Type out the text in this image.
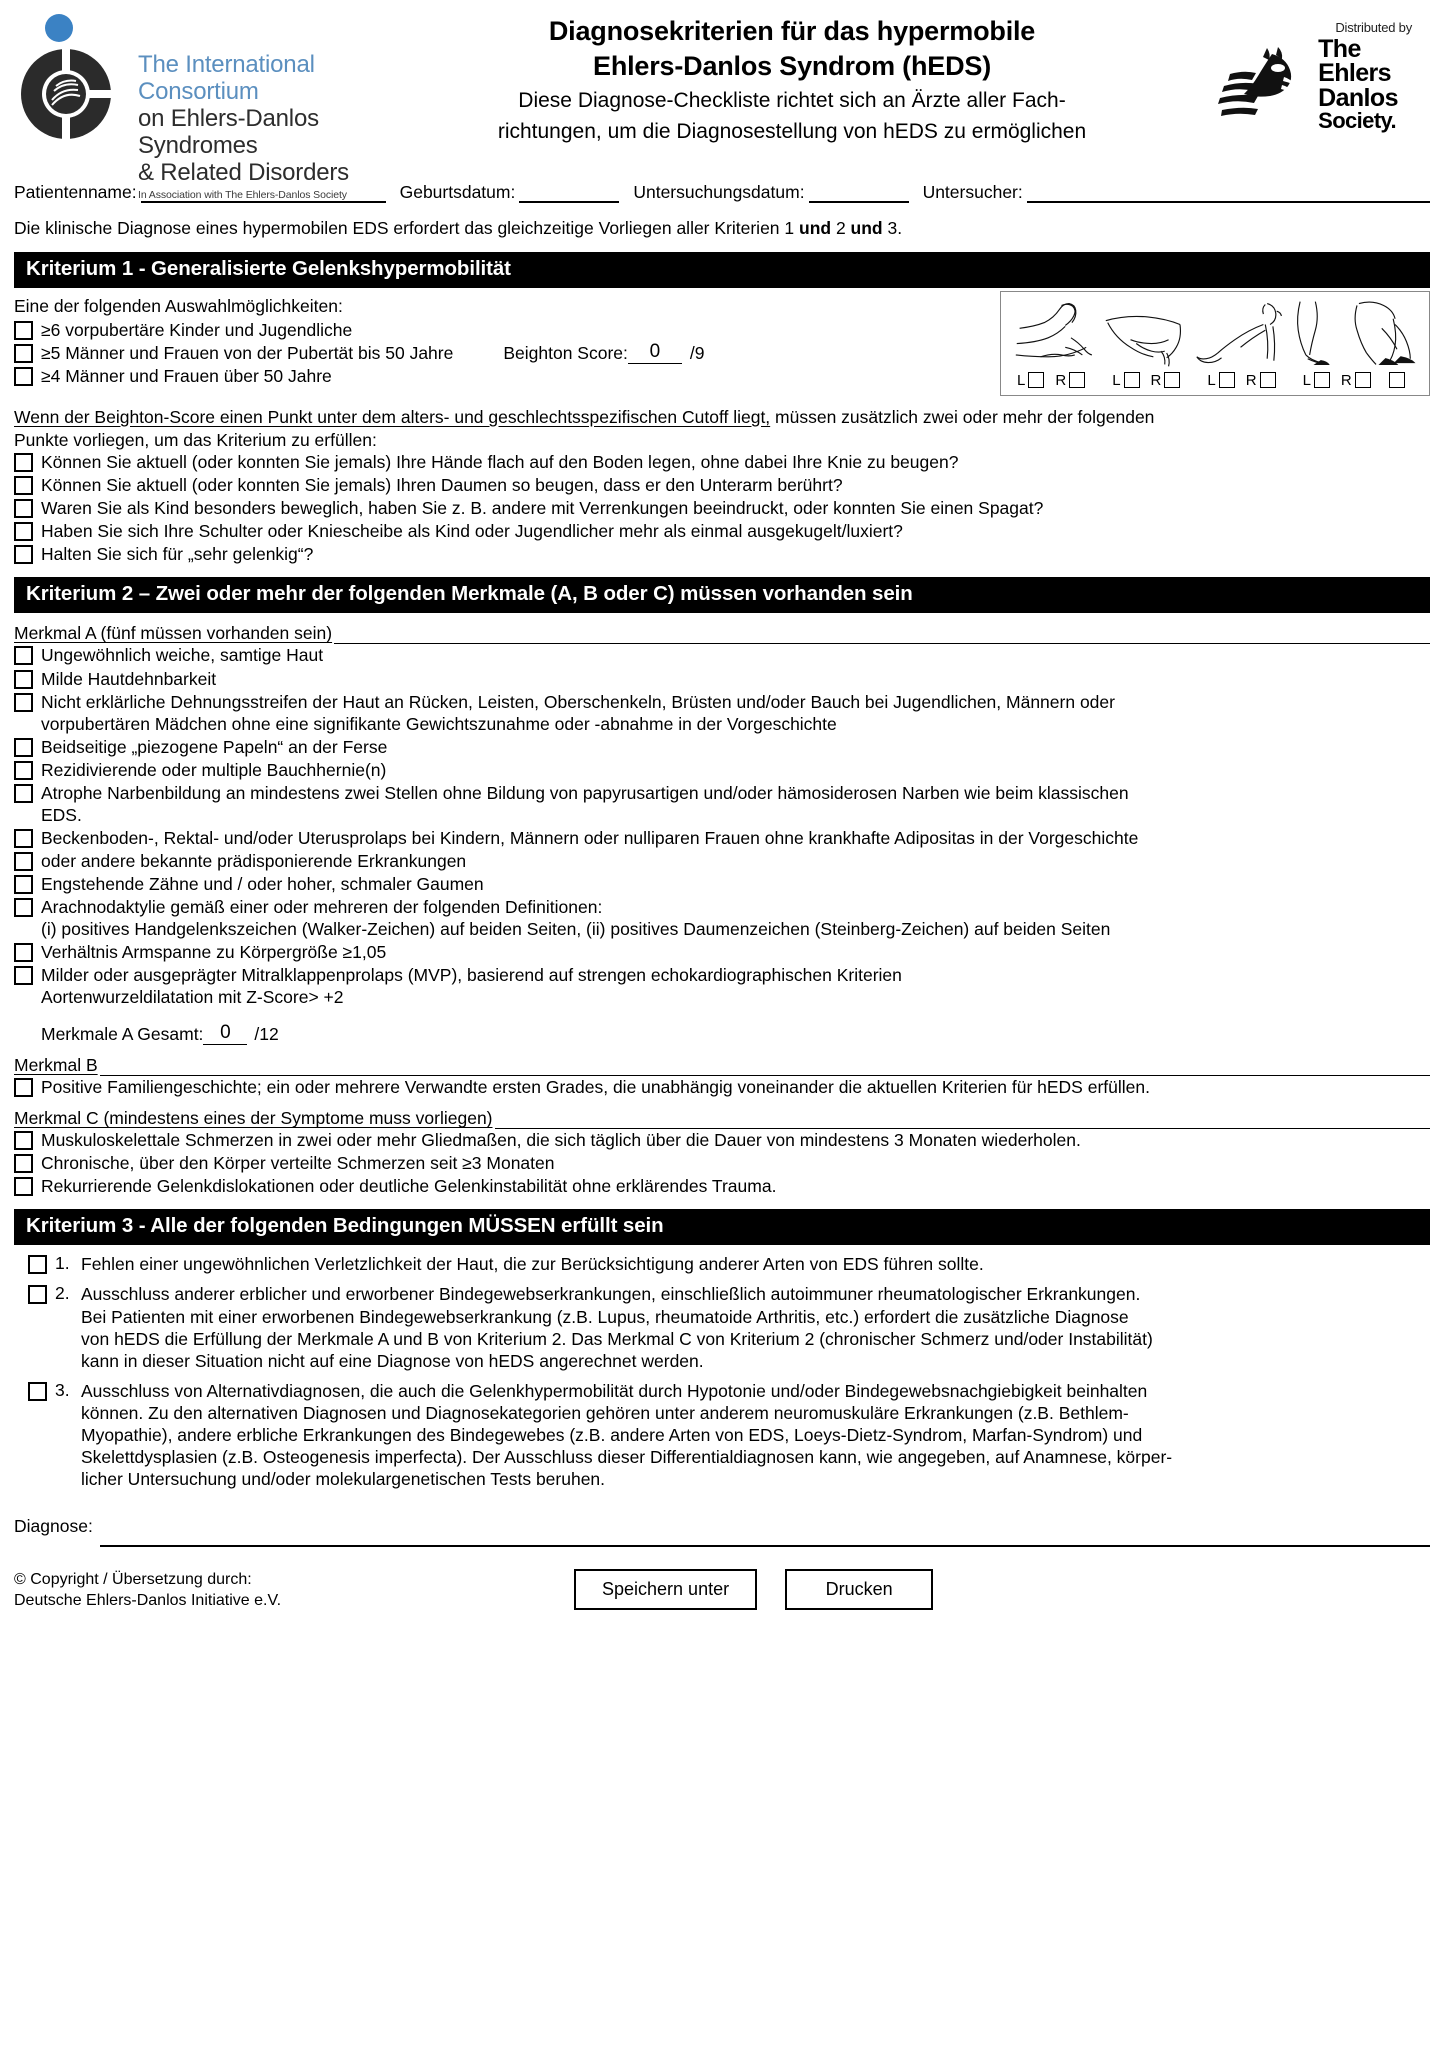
The International Consortium
on Ehlers-Danlos Syndromes
& Related Disorders
In Association with The Ehlers-Danlos Society
Diagnosekriterien für das hypermobile
Ehlers-Danlos Syndrom (hEDS)
Diese Diagnose-Checkliste richtet sich an Ärzte aller Fach-
richtungen, um die Diagnosestellung von hEDS zu ermöglichen
Distributed by
The
Ehlers
Danlos
Society.
Patientenname:	Geburtsdatum:	Untersuchungsdatum:	Untersucher:
Die klinische Diagnose eines hypermobilen EDS erfordert das gleichzeitige Vorliegen aller Kriterien 1 und 2 und 3.
Kriterium 1 - Generalisierte Gelenkshypermobilität
Eine der folgenden Auswahlmöglichkeiten:
≥6 vorpubertäre Kinder und Jugendliche
≥5 Männer und Frauen von der Pubertät bis 50 Jahre	Beighton Score:	0	/9
≥4 Männer und Frauen über 50 Jahre	L R	L R	L R	L R
Wenn der Beighton-Score einen Punkt unter dem alters- und geschlechtsspezifischen Cutoff liegt, müssen zusätzlich zwei oder mehr der folgenden
Punkte vorliegen, um das Kriterium zu erfüllen:
Können Sie aktuell (oder konnten Sie jemals) Ihre Hände flach auf den Boden legen, ohne dabei Ihre Knie zu beugen?
Können Sie aktuell (oder konnten Sie jemals) Ihren Daumen so beugen, dass er den Unterarm berührt?
Waren Sie als Kind besonders beweglich, haben Sie z. B. andere mit Verrenkungen beeindruckt, oder konnten Sie einen Spagat?
Haben Sie sich Ihre Schulter oder Kniescheibe als Kind oder Jugendlicher mehr als einmal ausgekugelt/luxiert?
Halten Sie sich für „sehr gelenkig“?
Kriterium 2 – Zwei oder mehr der folgenden Merkmale (A, B oder C) müssen vorhanden sein
Merkmal A (fünf müssen vorhanden sein)
Ungewöhnlich weiche, samtige Haut
Milde Hautdehnbarkeit
Nicht erklärliche Dehnungsstreifen der Haut an Rücken, Leisten, Oberschenkeln, Brüsten und/oder Bauch bei Jugendlichen, Männern oder
vorpubertären Mädchen ohne eine signifikante Gewichtszunahme oder -abnahme in der Vorgeschichte
Beidseitige „piezogene Papeln“ an der Ferse
Rezidivierende oder multiple Bauchhernie(n)
Atrophe Narbenbildung an mindestens zwei Stellen ohne Bildung von papyrusartigen und/oder hämosiderosen Narben wie beim klassischen
EDS.
Beckenboden-, Rektal- und/oder Uterusprolaps bei Kindern, Männern oder nulliparen Frauen ohne krankhafte Adipositas in der Vorgeschichte
oder andere bekannte prädisponierende Erkrankungen
Engstehende Zähne und / oder hoher, schmaler Gaumen
Arachnodaktylie gemäß einer oder mehreren der folgenden Definitionen:
(i) positives Handgelenkszeichen (Walker-Zeichen) auf beiden Seiten, (ii) positives Daumenzeichen (Steinberg-Zeichen) auf beiden Seiten
Verhältnis Armspanne zu Körpergröße ≥1,05
Milder oder ausgeprägter Mitralklappenprolaps (MVP), basierend auf strengen echokardiographischen Kriterien
Aortenwurzeldilatation mit Z-Score> +2
Merkmale A Gesamt: 0	/12
Merkmal B
Positive Familiengeschichte; ein oder mehrere Verwandte ersten Grades, die unabhängig voneinander die aktuellen Kriterien für hEDS erfüllen.
Merkmal C (mindestens eines der Symptome muss vorliegen)
Muskuloskelettale Schmerzen in zwei oder mehr Gliedmaßen, die sich täglich über die Dauer von mindestens 3 Monaten wiederholen.
Chronische, über den Körper verteilte Schmerzen seit ≥3 Monaten
Rekurrierende Gelenkdislokationen oder deutliche Gelenkinstabilität ohne erklärendes Trauma.
Kriterium 3 - Alle der folgenden Bedingungen MÜSSEN erfüllt sein
1. Fehlen einer ungewöhnlichen Verletzlichkeit der Haut, die zur Berücksichtigung anderer Arten von EDS führen sollte.
2. Ausschluss anderer erblicher und erworbener Bindegewebserkrankungen, einschließlich autoimmuner rheumatologischer Erkrankungen.
Bei Patienten mit einer erworbenen Bindegewebserkrankung (z.B. Lupus, rheumatoide Arthritis, etc.) erfordert die zusätzliche Diagnose
von hEDS die Erfüllung der Merkmale A und B von Kriterium 2. Das Merkmal C von Kriterium 2 (chronischer Schmerz und/oder Instabilität)
kann in dieser Situation nicht auf eine Diagnose von hEDS angerechnet werden.
3. Ausschluss von Alternativdiagnosen, die auch die Gelenkhypermobilität durch Hypotonie und/oder Bindegewebsnachgiebigkeit beinhalten
können. Zu den alternativen Diagnosen und Diagnosekategorien gehören unter anderem neuromuskuläre Erkrankungen (z.B. Bethlem-
Myopathie), andere erbliche Erkrankungen des Bindegewebes (z.B. andere Arten von EDS, Loeys-Dietz-Syndrom, Marfan-Syndrom) und
Skelettdysplasien (z.B. Osteogenesis imperfecta). Der Ausschluss dieser Differentialdiagnosen kann, wie angegeben, auf Anamnese, körper-
licher Untersuchung und/oder molekulargenetischen Tests beruhen.
Diagnose:
© Copyright / Übersetzung durch:
Deutsche Ehlers-Danlos Initiative e.V.
Speichern unter	Drucken
